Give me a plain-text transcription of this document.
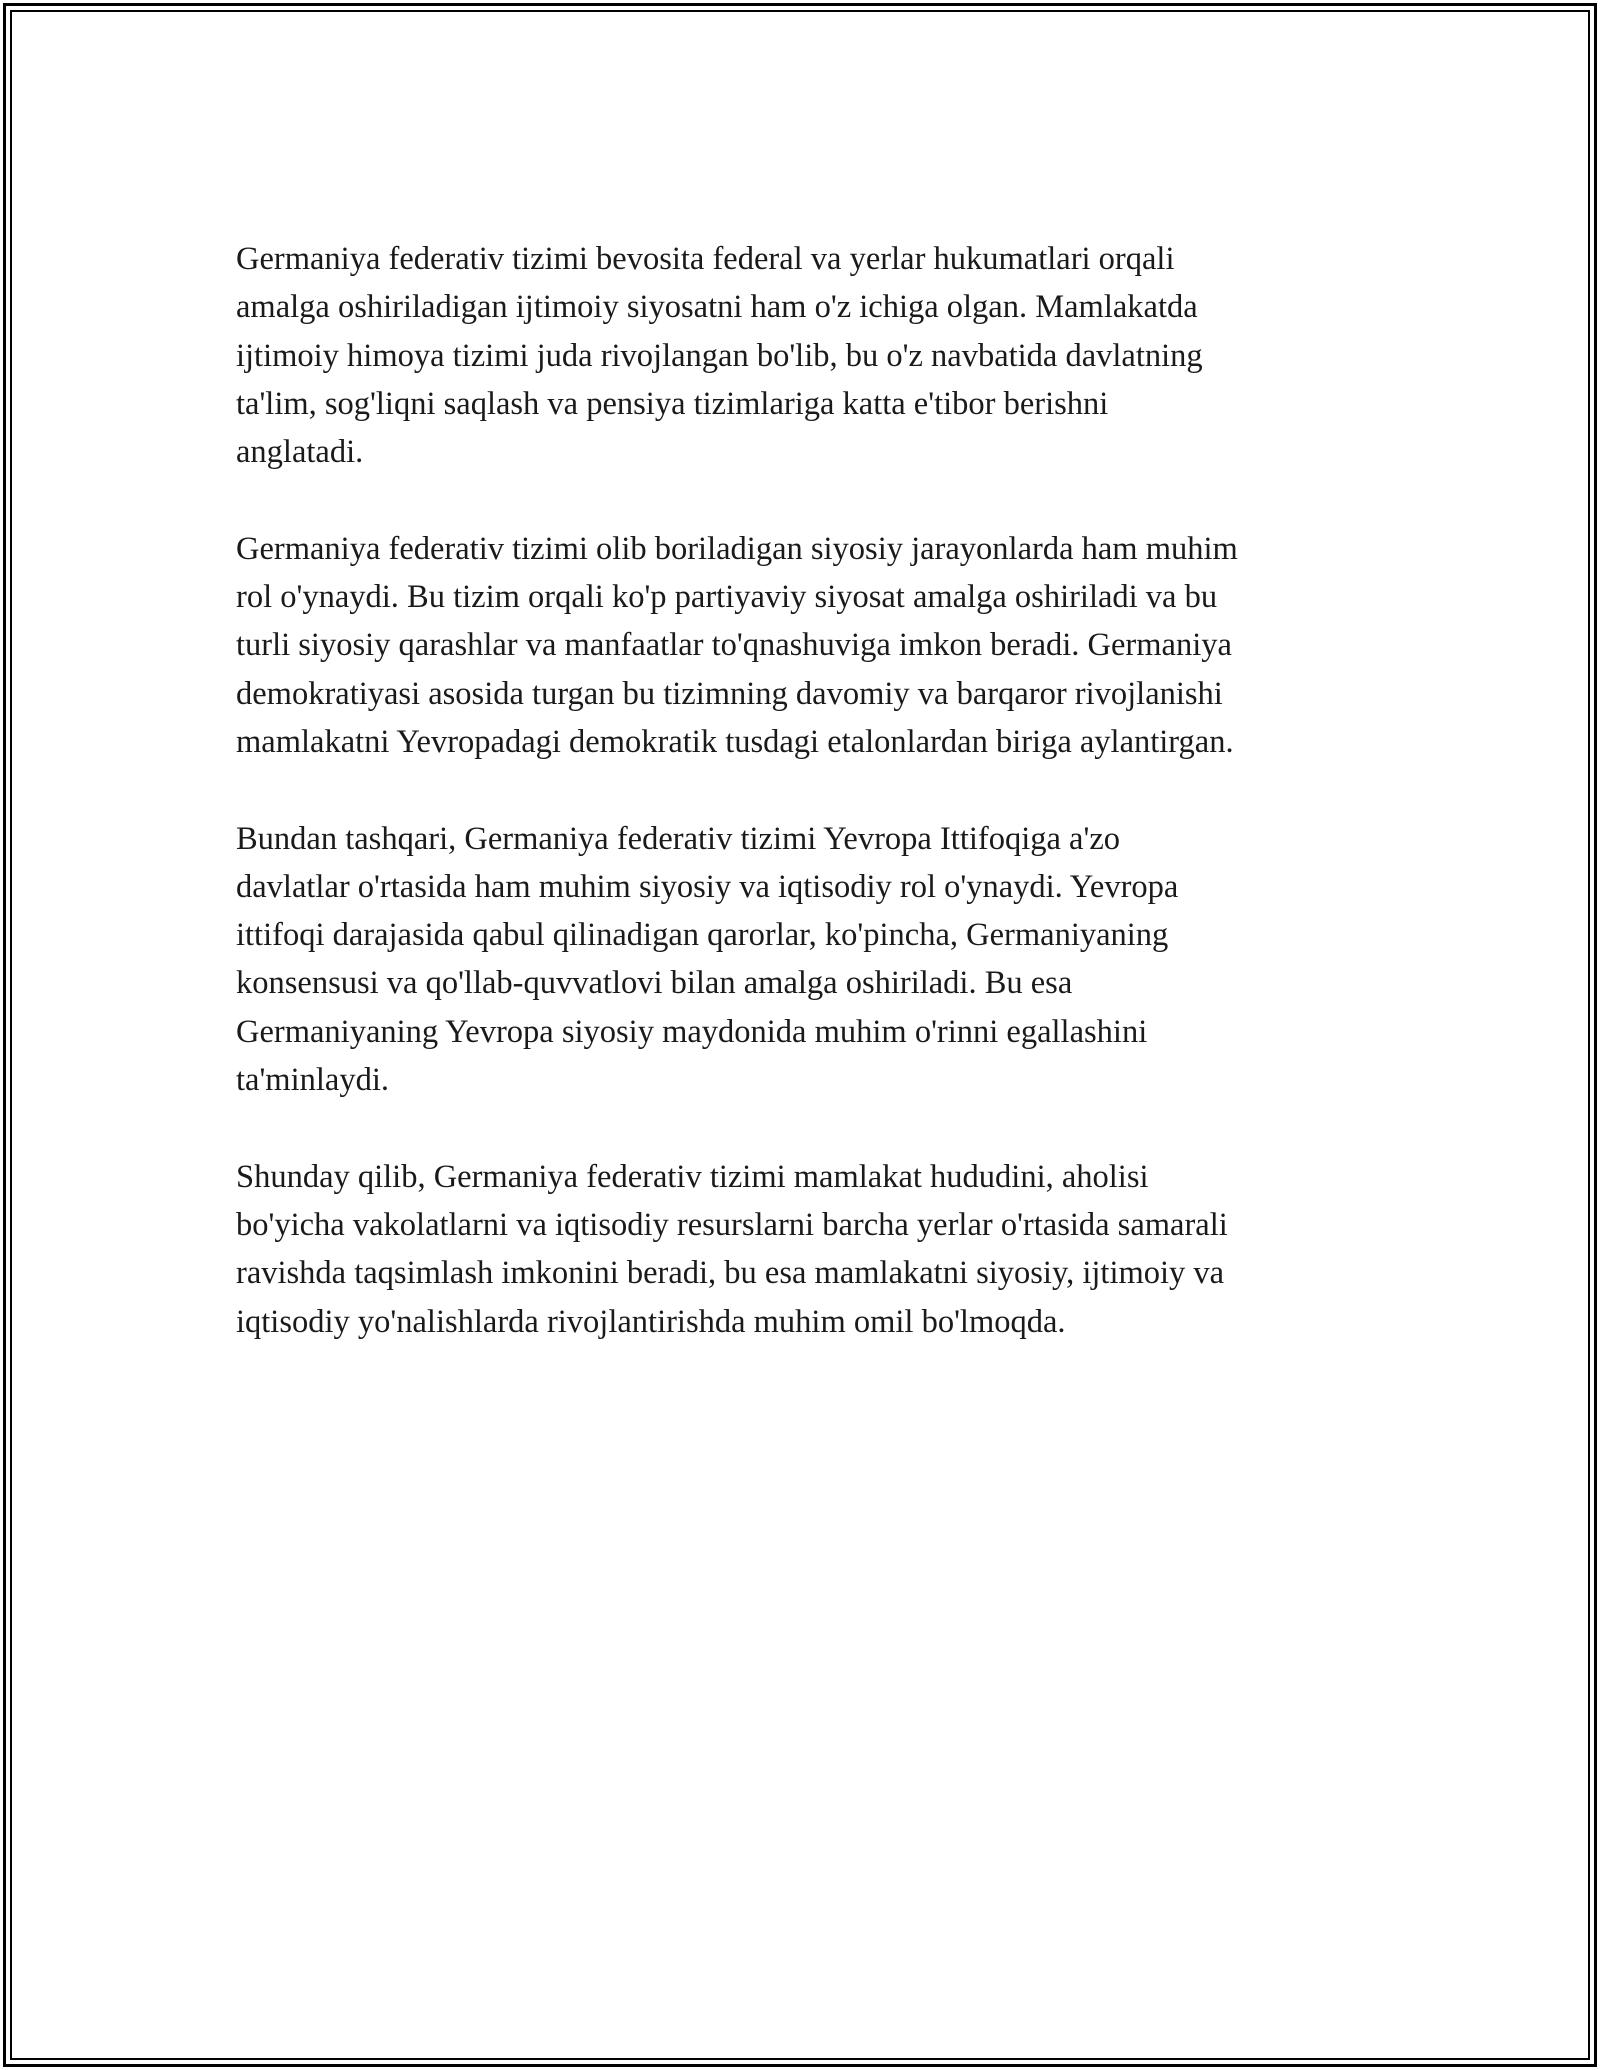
Germaniya federativ tizimi bevosita federal va yerlar hukumatlari orqali
amalga oshiriladigan ijtimoiy siyosatni ham o'z ichiga olgan. Mamlakatda
ijtimoiy himoya tizimi juda rivojlangan bo'lib, bu o'z navbatida davlatning
ta'lim, sog'liqni saqlash va pensiya tizimlariga katta e'tibor berishni
anglatadi.

Germaniya federativ tizimi olib boriladigan siyosiy jarayonlarda ham muhim
rol o'ynaydi. Bu tizim orqali ko'p partiyaviy siyosat amalga oshiriladi va bu
turli siyosiy qarashlar va manfaatlar to'qnashuviga imkon beradi. Germaniya
demokratiyasi asosida turgan bu tizimning davomiy va barqaror rivojlanishi
mamlakatni Yevropadagi demokratik tusdagi etalonlardan biriga aylantirgan.

Bundan tashqari, Germaniya federativ tizimi Yevropa Ittifoqiga a'zo
davlatlar o'rtasida ham muhim siyosiy va iqtisodiy rol o'ynaydi. Yevropa
ittifoqi darajasida qabul qilinadigan qarorlar, ko'pincha, Germaniyaning
konsensusi va qo'llab-quvvatlovi bilan amalga oshiriladi. Bu esa
Germaniyaning Yevropa siyosiy maydonida muhim o'rinni egallashini
ta'minlaydi.

Shunday qilib, Germaniya federativ tizimi mamlakat hududini, aholisi
bo'yicha vakolatlarni va iqtisodiy resurslarni barcha yerlar o'rtasida samarali
ravishda taqsimlash imkonini beradi, bu esa mamlakatni siyosiy, ijtimoiy va
iqtisodiy yo'nalishlarda rivojlantirishda muhim omil bo'lmoqda.
